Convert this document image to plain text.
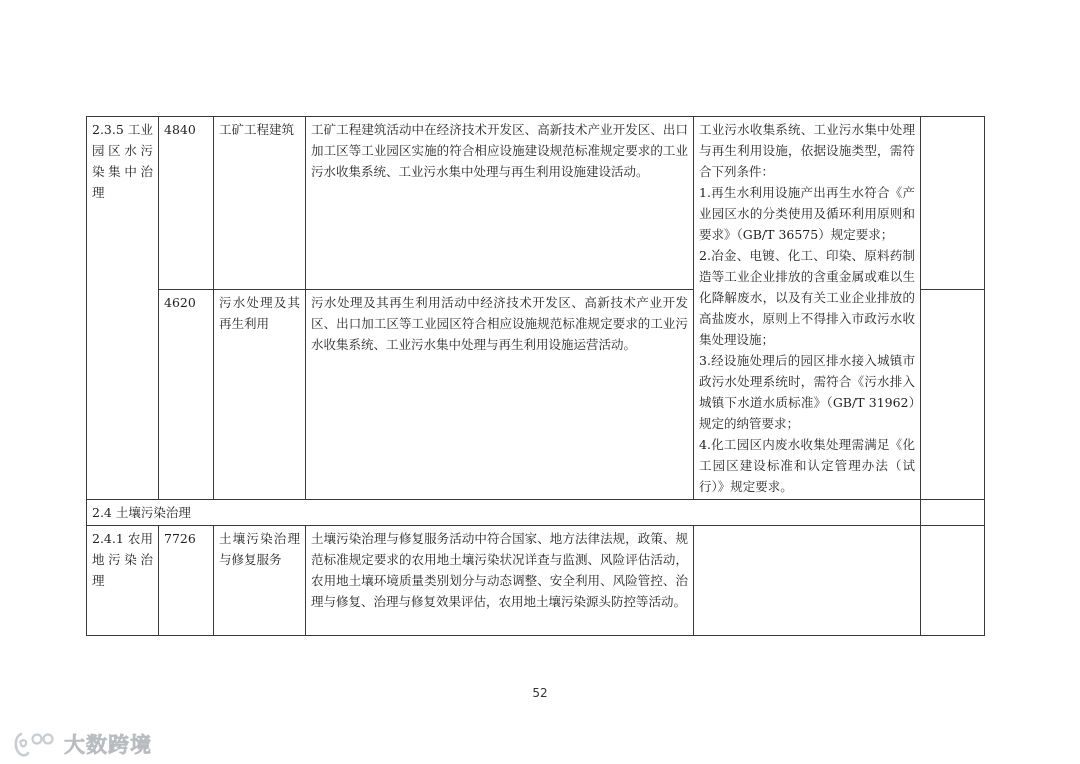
2.3.5 工业园区水污染集中治理	4840	工矿工程建筑	工矿工程建筑活动中在经济技术开发区、高新技术产业开发区、出口加工区等工业园区实施的符合相应设施建设规范标准规定要求的工业污水收集系统、工业污水集中处理与再生利用设施建设活动。	工业污水收集系统、工业污水集中处理与再生利用设施，依据设施类型，需符合下列条件：
1.再生水利用设施产出再生水符合《产业园区水的分类使用及循环利用原则和要求》（GB/T 36575）规定要求；
2.冶金、电镀、化工、印染、原料药制造等工业企业排放的含重金属或难以生化降解废水，以及有关工业企业排放的高盐废水，原则上不得排入市政污水收集处理设施；
3.经设施处理后的园区排水接入城镇市政污水处理系统时，需符合《污水排入城镇下水道水质标准》（GB/T 31962）规定的纳管要求；
4.化工园区内废水收集处理需满足《化工园区建设标准和认定管理办法（试行）》规定要求。	

	4620	污水处理及其再生利用	污水处理及其再生利用活动中经济技术开发区、高新技术产业开发区、出口加工区等工业园区符合相应设施规范标准规定要求的工业污水收集系统、工业污水集中处理与再生利用设施运营活动。		

2.4 土壤污染治理					

2.4.1 农用地污染治理	7726	土壤污染治理与修复服务	土壤污染治理与修复服务活动中符合国家、地方法律法规，政策、规范标准规定要求的农用地土壤污染状况详查与监测、风险评估活动，农用地土壤环境质量类别划分与动态调整、安全利用、风险管控、治理与修复、治理与修复效果评估，农用地土壤污染源头防控等活动。		

52
大数跨境
